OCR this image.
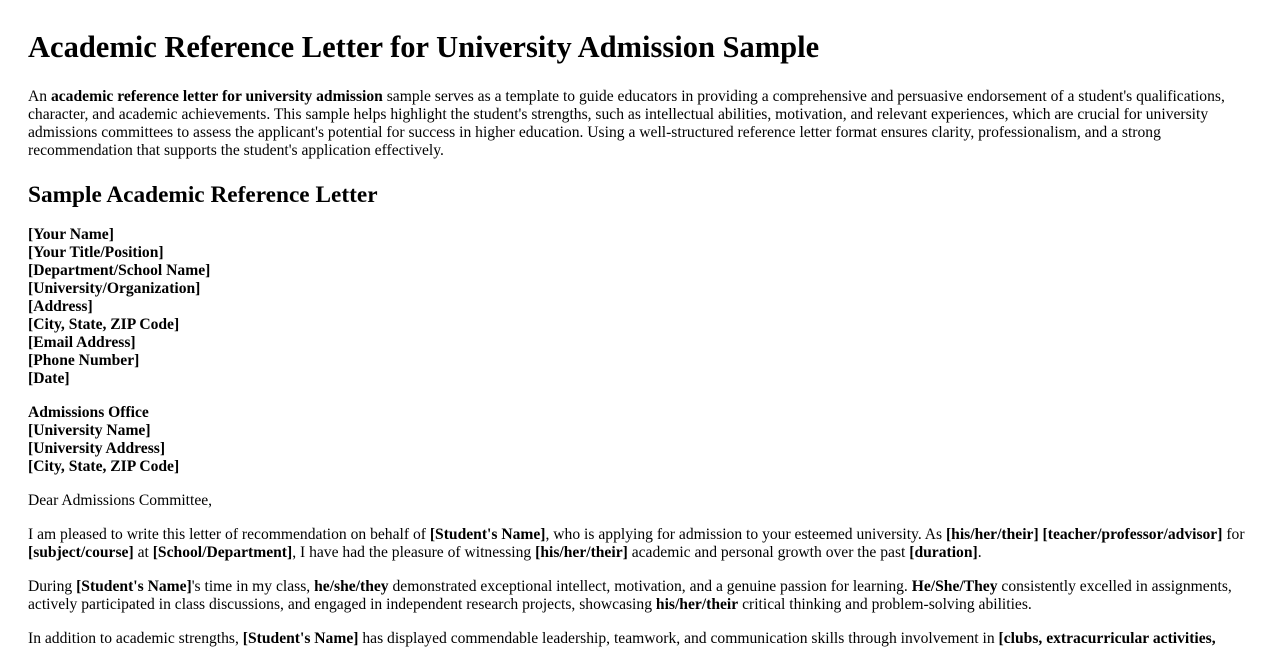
Academic Reference Letter for University Admission Sample

An academic reference letter for university admission sample serves as a template to guide educators in providing a comprehensive and persuasive endorsement of a student's qualifications, character, and academic achievements. This sample helps highlight the student's strengths, such as intellectual abilities, motivation, and relevant experiences, which are crucial for university admissions committees to assess the applicant's potential for success in higher education. Using a well-structured reference letter format ensures clarity, professionalism, and a strong recommendation that supports the student's application effectively.

Sample Academic Reference Letter
[Your Name]
[Your Title/Position]
[Department/School Name]
[University/Organization]
[Address]
[City, State, ZIP Code]
[Email Address]
[Phone Number]
[Date]
Admissions Office
[University Name]
[University Address]
[City, State, ZIP Code]

Dear Admissions Committee,

I am pleased to write this letter of recommendation on behalf of [Student's Name], who is applying for admission to your esteemed university. As [his/her/their] [teacher/professor/advisor] for [subject/course] at [School/Department], I have had the pleasure of witnessing [his/her/their] academic and personal growth over the past [duration].

During [Student's Name]'s time in my class, he/she/they demonstrated exceptional intellect, motivation, and a genuine passion for learning. He/She/They consistently excelled in assignments, actively participated in class discussions, and engaged in independent research projects, showcasing his/her/their critical thinking and problem-solving abilities.

In addition to academic strengths, [Student's Name] has displayed commendable leadership, teamwork, and communication skills through involvement in [clubs, extracurricular activities,
